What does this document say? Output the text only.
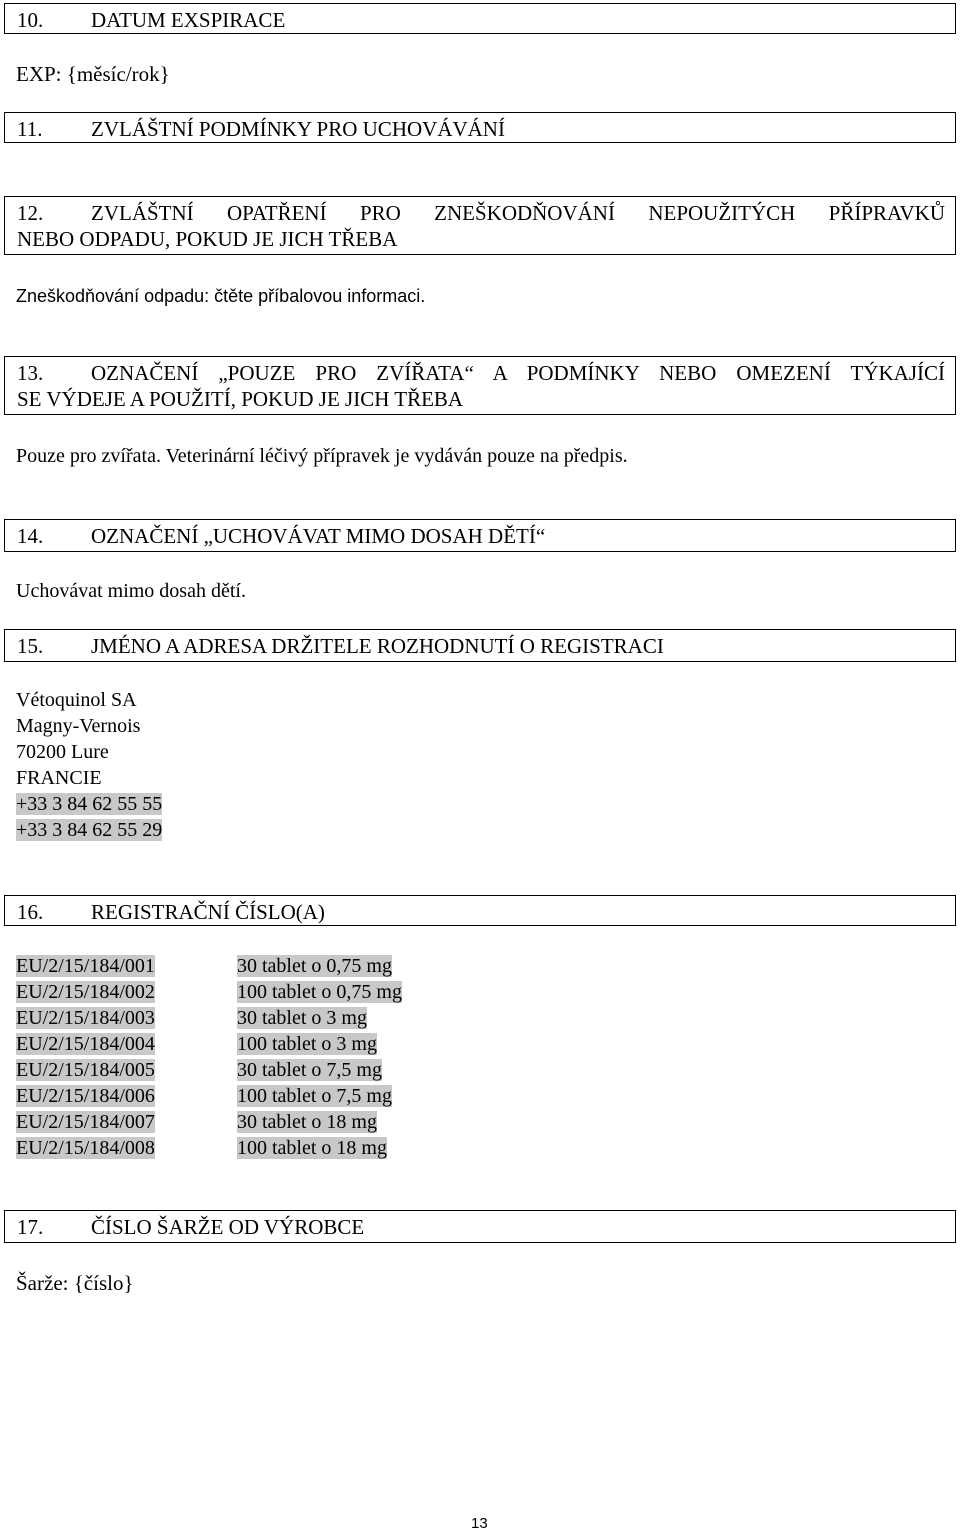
10. DATUM EXSPIRACE
EXP: {měsíc/rok}
11. ZVLÁŠTNÍ PODMÍNKY PRO UCHOVÁVÁNÍ
12. ZVLÁŠTNÍ OPATŘENÍ PRO ZNEŠKODŇOVÁNÍ NEPOUŽITÝCH PŘÍPRAVKŮ
NEBO ODPADU, POKUD JE JICH TŘEBA
Zneškodňování odpadu: čtěte příbalovou informaci.
13. OZNAČENÍ „POUZE PRO ZVÍŘATA“ A PODMÍNKY NEBO OMEZENÍ TÝKAJÍCÍ
SE VÝDEJE A POUŽITÍ, POKUD JE JICH TŘEBA
Pouze pro zvířata. Veterinární léčivý přípravek je vydáván pouze na předpis.
14. OZNAČENÍ „UCHOVÁVAT MIMO DOSAH DĚTÍ“
Uchovávat mimo dosah dětí.
15. JMÉNO A ADRESA DRŽITELE ROZHODNUTÍ O REGISTRACI
Vétoquinol SA
Magny-Vernois
70200 Lure
FRANCIE
+33 3 84 62 55 55
+33 3 84 62 55 29
16. REGISTRAČNÍ ČÍSLO(A)
EU/2/15/184/001	30 tablet o 0,75 mg
EU/2/15/184/002	100 tablet o 0,75 mg
EU/2/15/184/003	30 tablet o 3 mg
EU/2/15/184/004	100 tablet o 3 mg
EU/2/15/184/005	30 tablet o 7,5 mg
EU/2/15/184/006	100 tablet o 7,5 mg
EU/2/15/184/007	30 tablet o 18 mg
EU/2/15/184/008	100 tablet o 18 mg
17. ČÍSLO ŠARŽE OD VÝROBCE
Šarže: {číslo}
13
